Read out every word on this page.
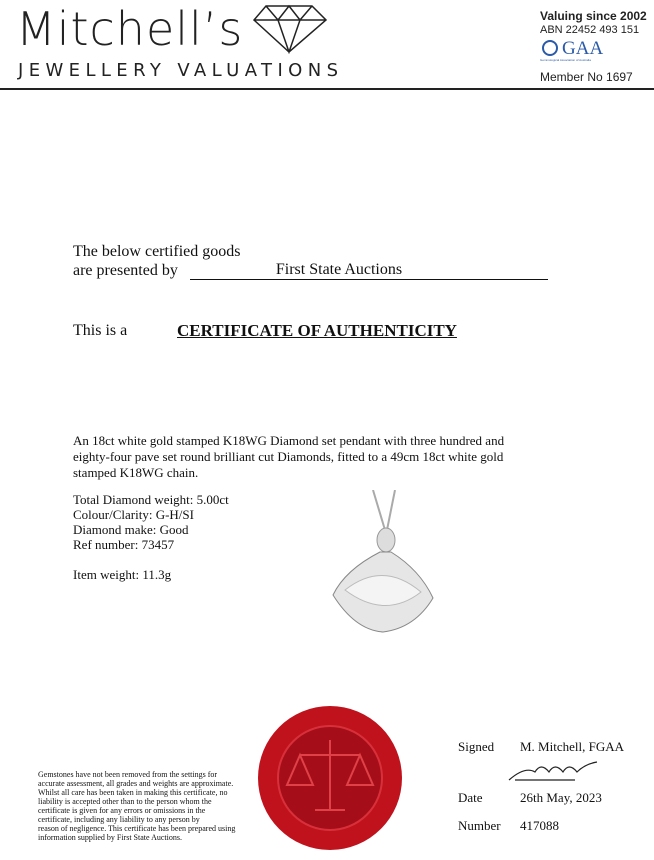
Mitchell’s
JEWELLERY VALUATIONS
Valuing since 2002
ABN 22452 493 151
GAA
Gemmological Association of Australia
Member No 1697
The below certified goods
are presented by	First State Auctions
This is a	CERTIFICATE OF AUTHENTICITY
An 18ct white gold stamped K18WG Diamond set pendant with three hundred and
eighty-four pave set round brilliant cut Diamonds, fitted to a 49cm 18ct white gold
stamped K18WG chain.
Total Diamond weight: 5.00ct
Colour/Clarity: G-H/SI
Diamond make: Good
Ref number: 73457
Item weight: 11.3g
Gemstones have not been removed from the settings for
accurate assessment, all grades and weights are approximate.
Whilst all care has been taken in making this certificate, no
liability is accepted other than to the person whom the
certificate is given for any errors or omissions in the
certificate, including any liability to any person by
reason of negligence. This certificate has been prepared using
information supplied by First State Auctions.
Signed M. Mitchell, FGAA
Date	26th May, 2023
Number 417088
